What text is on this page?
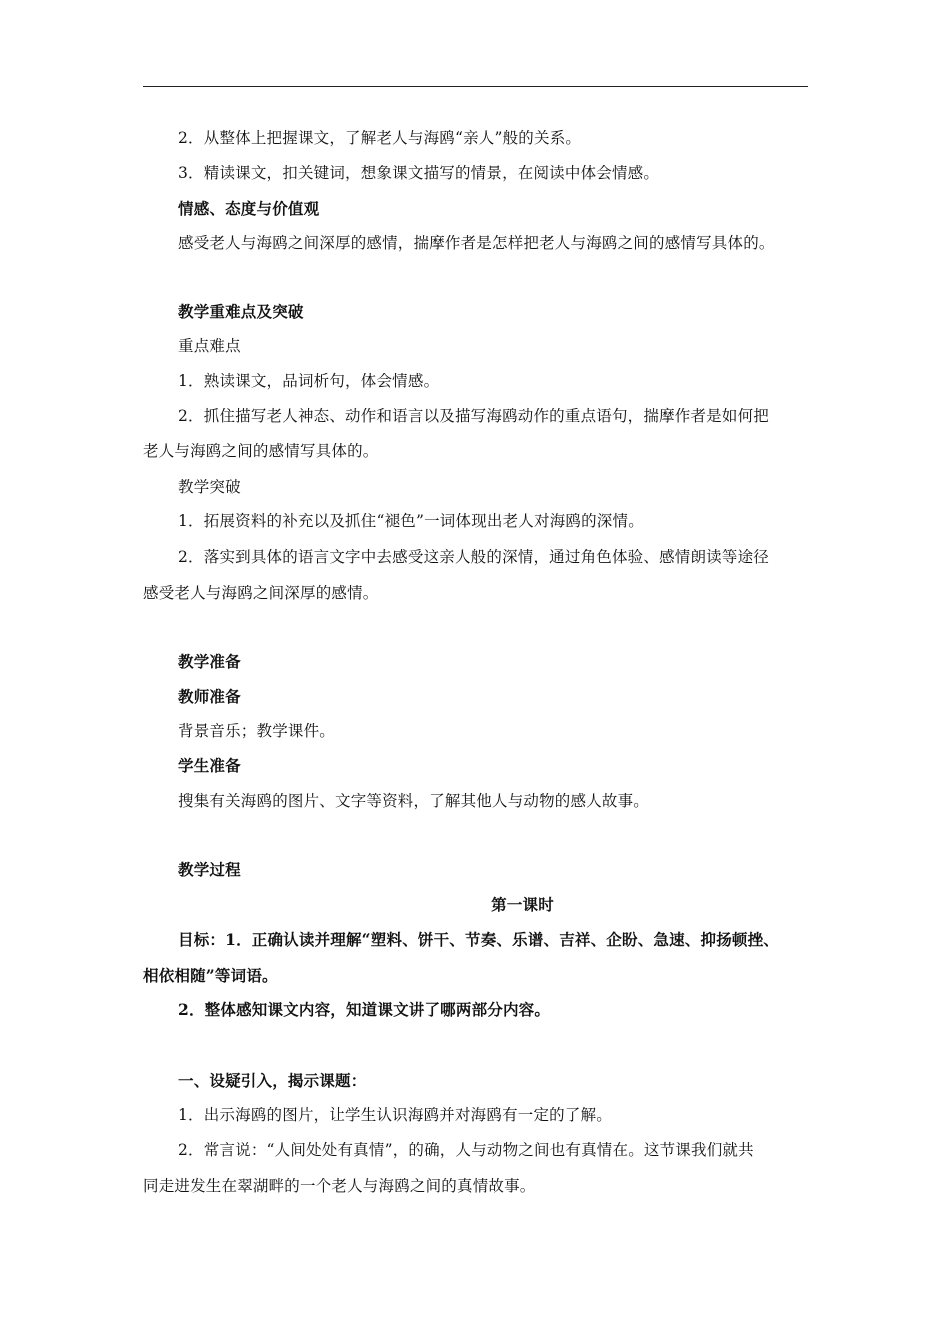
2．从整体上把握课文，了解老人与海鸥“亲人”般的关系。
3．精读课文，扣关键词，想象课文描写的情景，在阅读中体会情感。
情感、态度与价值观
感受老人与海鸥之间深厚的感情，揣摩作者是怎样把老人与海鸥之间的感情写具体的。
教学重难点及突破
重点难点
1．熟读课文，品词析句，体会情感。
2．抓住描写老人神态、动作和语言以及描写海鸥动作的重点语句，揣摩作者是如何把
老人与海鸥之间的感情写具体的。
教学突破
1．拓展资料的补充以及抓住“褪色”一词体现出老人对海鸥的深情。
2．落实到具体的语言文字中去感受这亲人般的深情，通过角色体验、感情朗读等途径
感受老人与海鸥之间深厚的感情。
教学准备
教师准备
背景音乐；教学课件。
学生准备
搜集有关海鸥的图片、文字等资料，了解其他人与动物的感人故事。
教学过程
第一课时
目标：1．正确认读并理解“塑料、饼干、节奏、乐谱、吉祥、企盼、急速、抑扬顿挫、
相依相随”等词语。
2．整体感知课文内容，知道课文讲了哪两部分内容。
一、设疑引入，揭示课题：
1．出示海鸥的图片，让学生认识海鸥并对海鸥有一定的了解。
2．常言说：“人间处处有真情”，的确，人与动物之间也有真情在。这节课我们就共
同走进发生在翠湖畔的一个老人与海鸥之间的真情故事。
